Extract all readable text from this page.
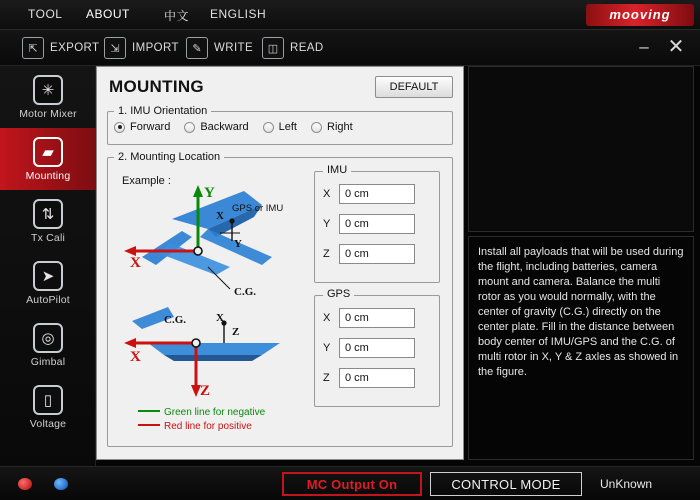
TOOL ABOUT	中文 ENGLISH	mooving
⇱	EXPORT ⇲	IMPORT	✎	WRITE	◫	READ	– ✕
✳
Motor Mixer
▰
Mounting
⇅
Tx Cali
➤
AutoPilot
◎
Gimbal
▯
Voltage
MOUNTING	DEFAULT
1. IMU Orientation
Forward	Backward	Left	Right
2. Mounting Location
Example :
Y
X
X
Y
C.G.
X
Z
X
Z
C.G.
Green line for negative
Red line for positive
GPS or IMU
IMU
X
0 cm
Y
0 cm
Z
0 cm
GPS
X
0 cm
Y
0 cm
Z
0 cm
Install all payloads that will be used during the flight, including batteries, camera mount and camera. Balance the multi rotor as you would normally, with the center of gravity (C.G.) directly on the center plate. Fill in the distance between body center of IMU/GPS and the C.G. of multi rotor in X, Y & Z axles as showed in the figure.
MC Output On	CONTROL MODE	UnKnown
